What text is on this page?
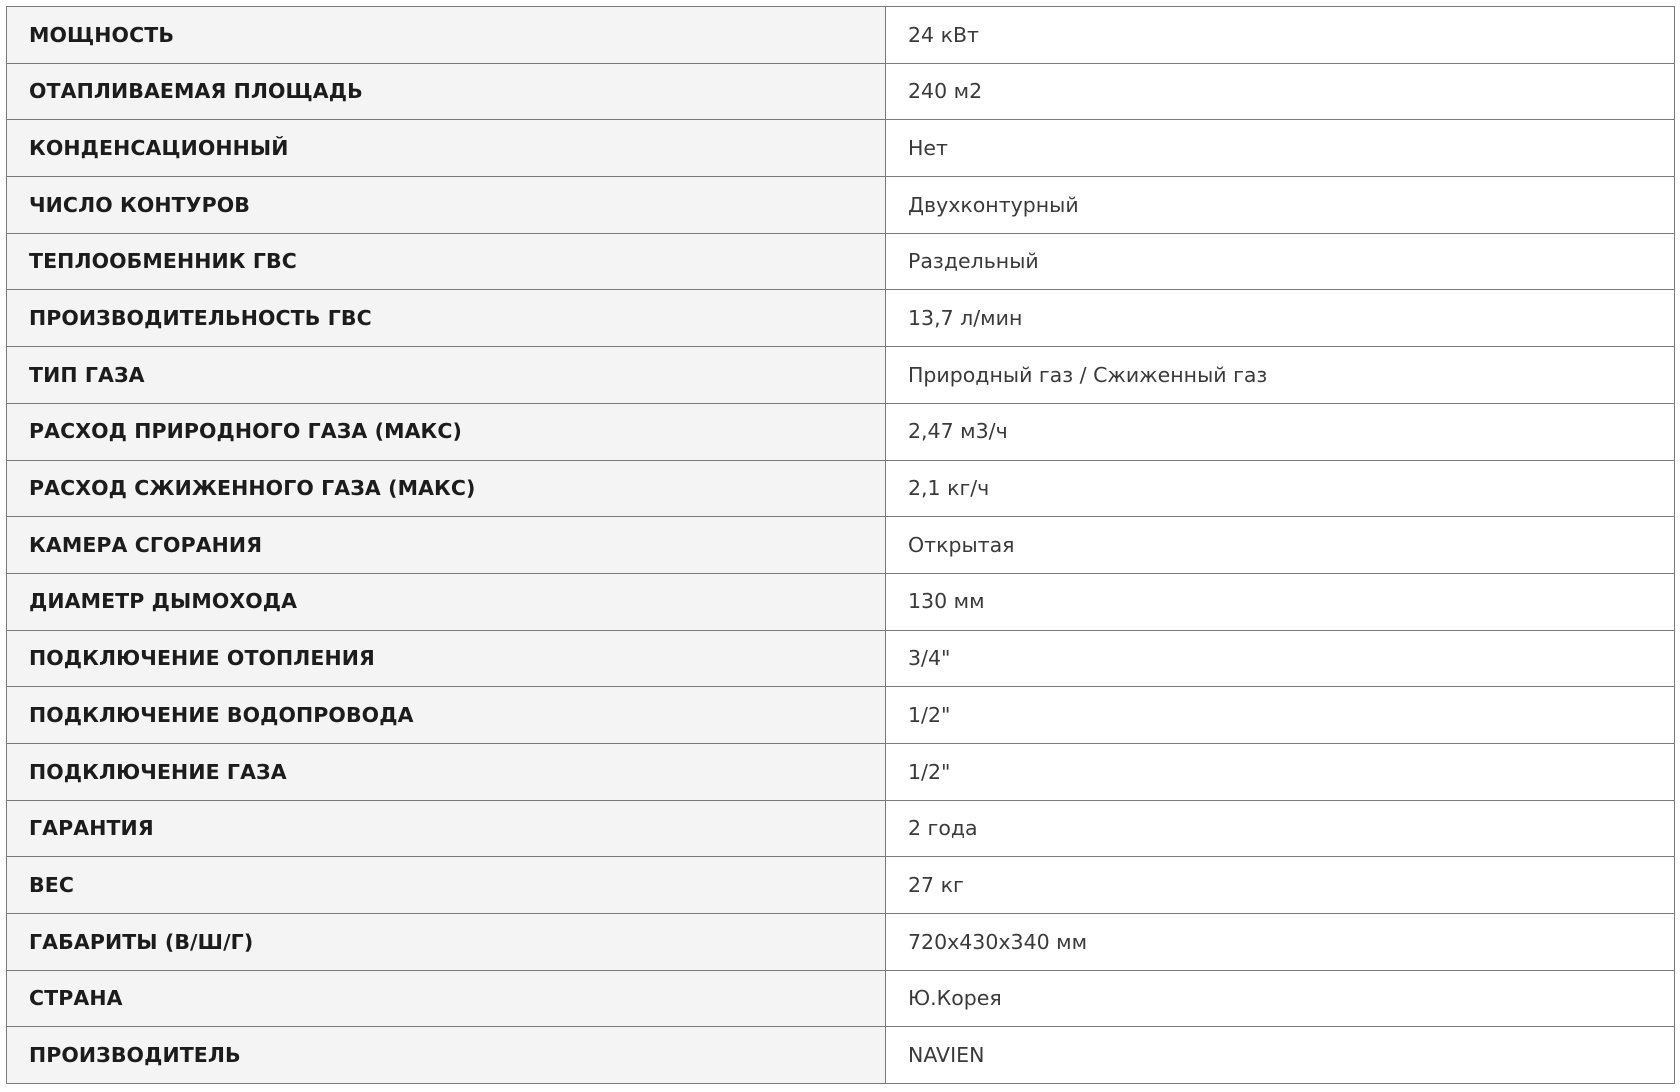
МОЩНОСТЬ	24 кВт
ОТАПЛИВАЕМАЯ ПЛОЩАДЬ	240 м2
КОНДЕНСАЦИОННЫЙ	Нет
ЧИСЛО КОНТУРОВ	Двухконтурный
ТЕПЛООБМЕННИК ГВС	Раздельный
ПРОИЗВОДИТЕЛЬНОСТЬ ГВС	13,7 л/мин
ТИП ГАЗА	Природный газ / Сжиженный газ
РАСХОД ПРИРОДНОГО ГАЗА (МАКС)	2,47 м3/ч
РАСХОД СЖИЖЕННОГО ГАЗА (МАКС)	2,1 кг/ч
КАМЕРА СГОРАНИЯ	Открытая
ДИАМЕТР ДЫМОХОДА	130 мм
ПОДКЛЮЧЕНИЕ ОТОПЛЕНИЯ	3/4"
ПОДКЛЮЧЕНИЕ ВОДОПРОВОДА	1/2"
ПОДКЛЮЧЕНИЕ ГАЗА	1/2"
ГАРАНТИЯ	2 года
ВЕС	27 кг
ГАБАРИТЫ (В/Ш/Г)	720х430х340 мм
СТРАНА	Ю.Корея
ПРОИЗВОДИТЕЛЬ	NAVIEN
